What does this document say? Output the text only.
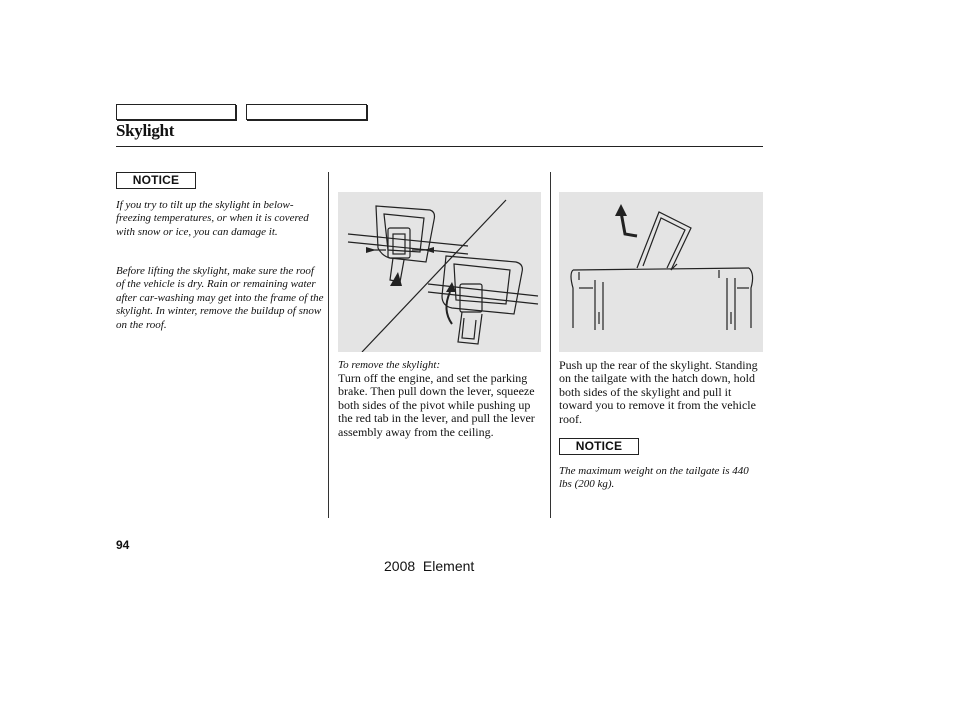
Skylight
NOTICE
If you try to tilt up the skylight in below-freezing temperatures, or when it is covered with snow or ice, you can damage it.
Before lifting the skylight, make sure the roof of the vehicle is dry. Rain or remaining water after car-washing may get into the frame of the skylight. In winter, remove the buildup of snow on the roof.
To remove the skylight:
Turn off the engine, and set the parking brake. Then pull down the lever, squeeze both sides of the pivot while pushing up the red tab in the lever, and pull the lever assembly away from the ceiling.
Push up the rear of the skylight. Standing on the tailgate with the hatch down, hold both sides of the skylight and pull it toward you to remove it from the vehicle roof.
NOTICE
The maximum weight on the tailgate is 440 lbs (200 kg).
94
2008  Element
